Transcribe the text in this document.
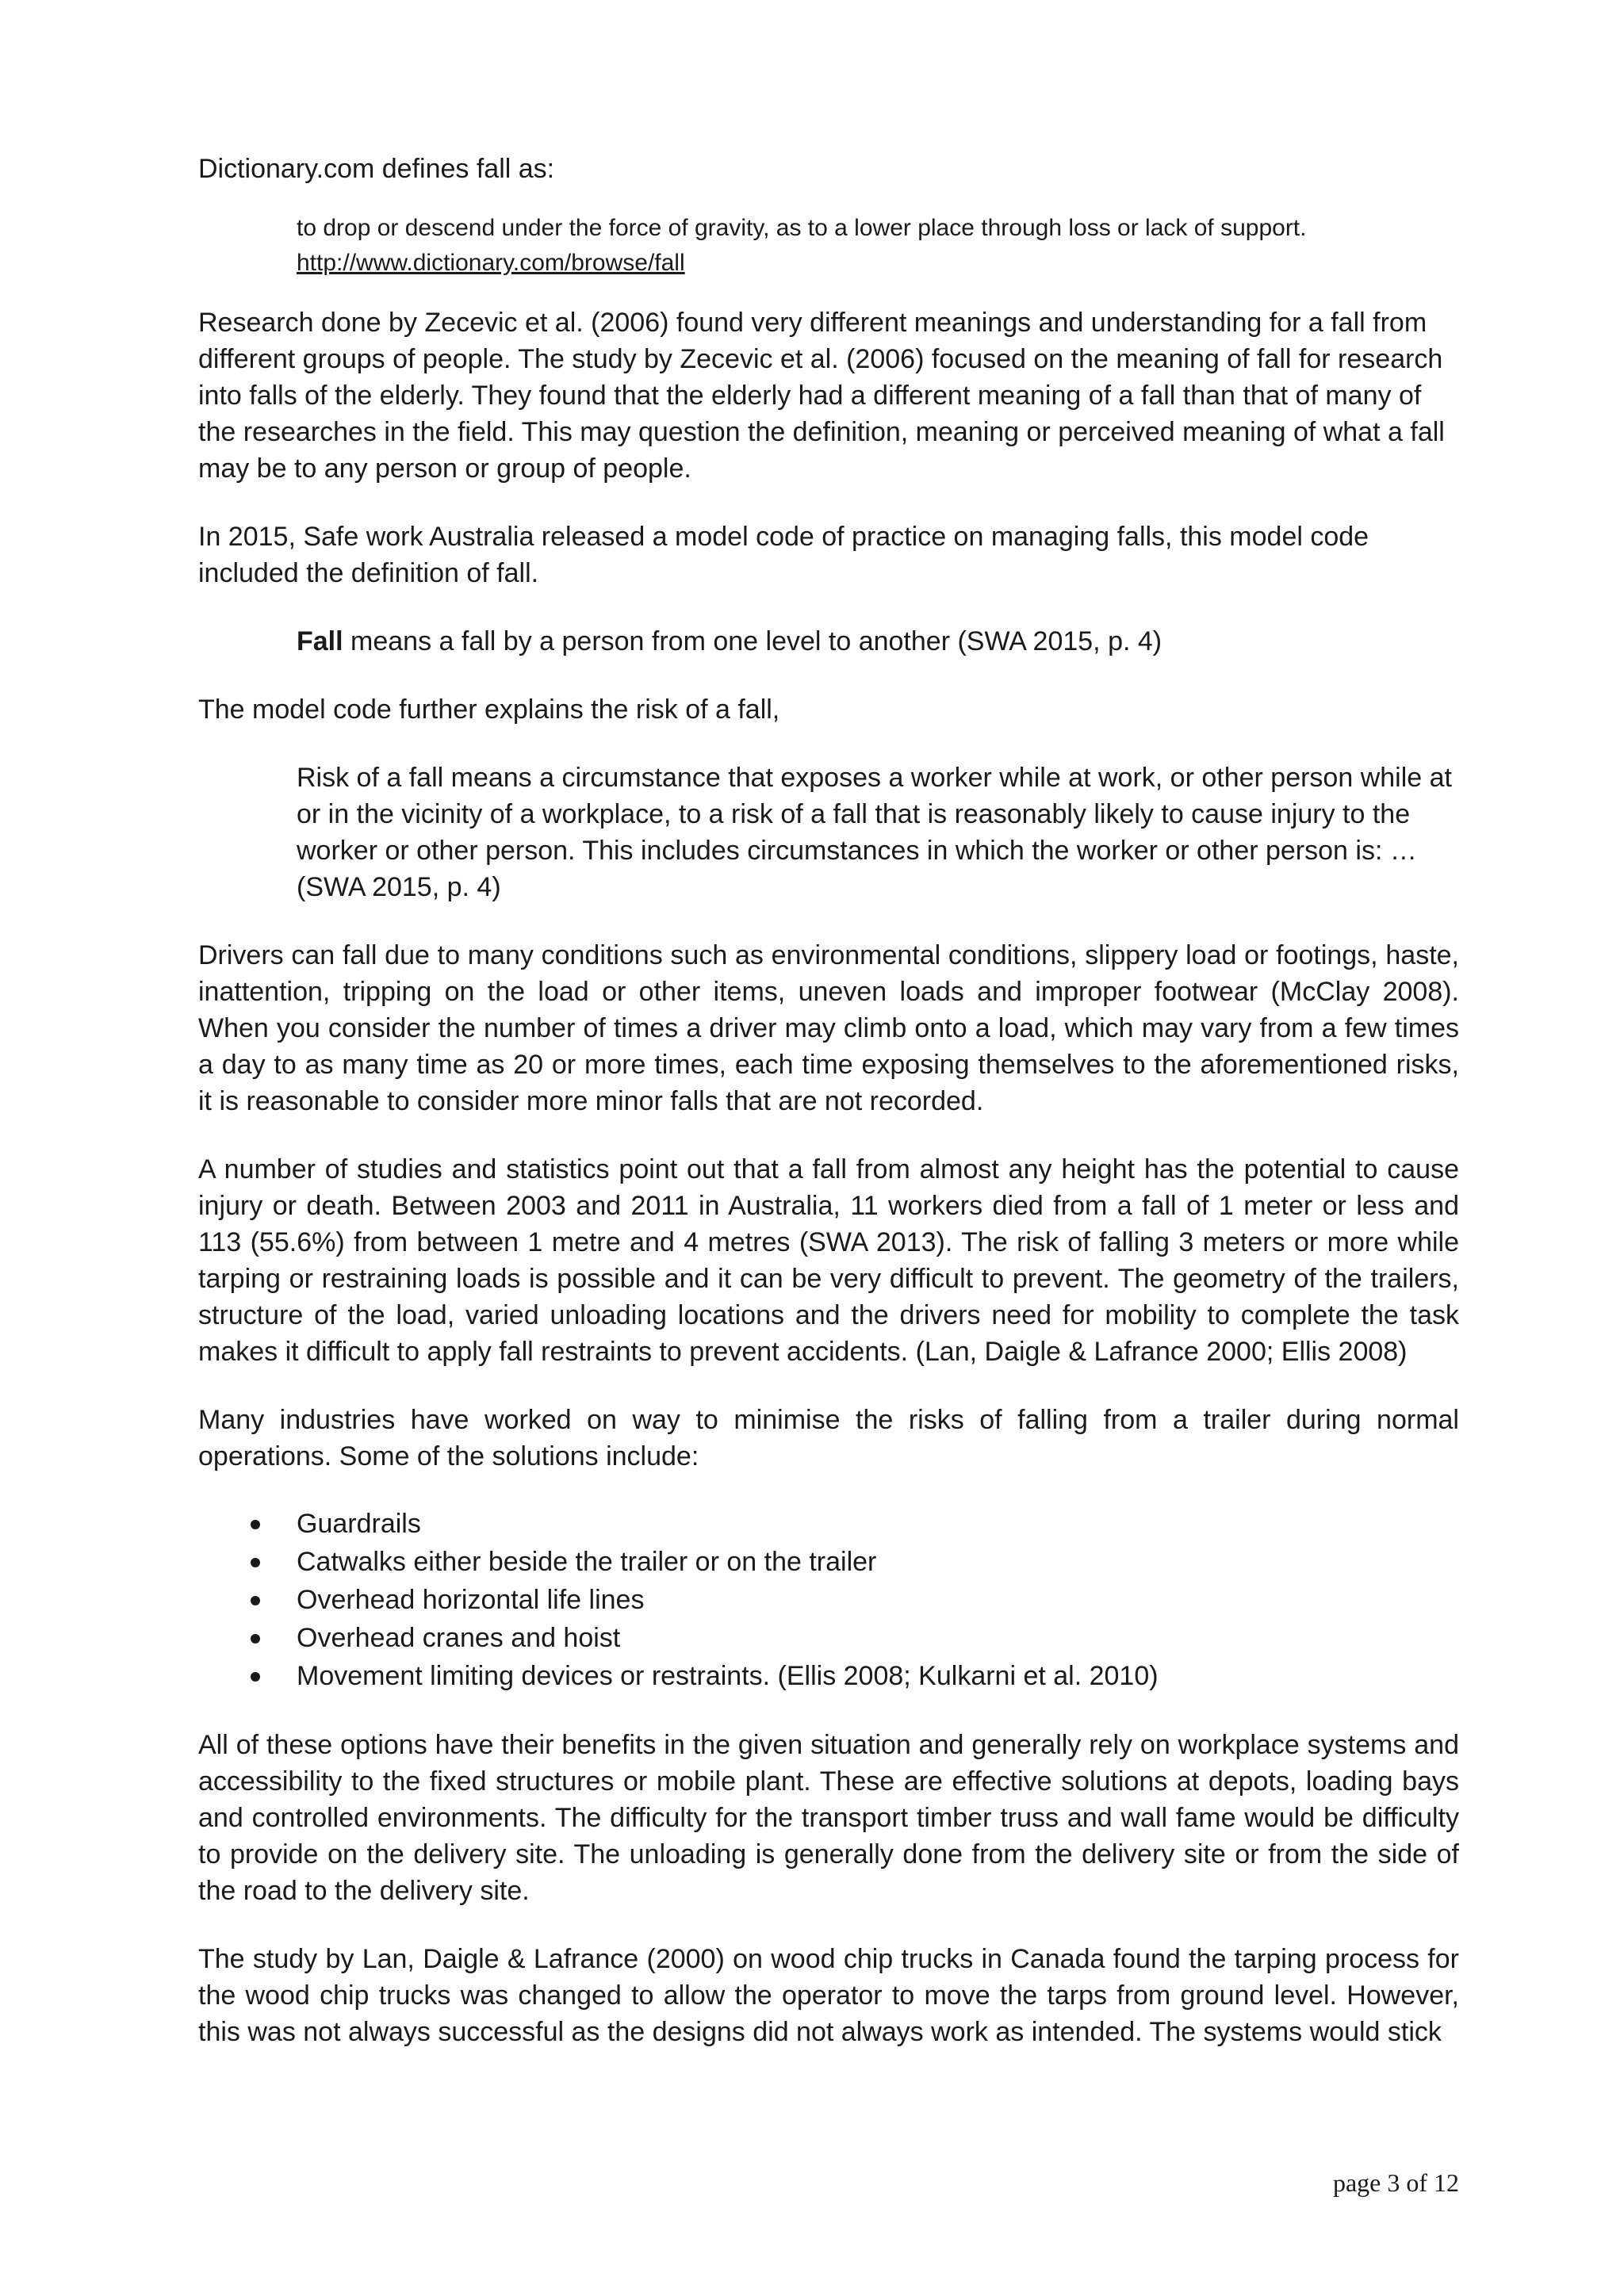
Dictionary.com defines fall as:

to drop or descend under the force of gravity, as to a lower place through loss or lack of support.

http://www.dictionary.com/browse/fall

Research done by Zecevic et al. (2006) found very different meanings and understanding for a fall from different groups of people. The study by Zecevic et al. (2006) focused on the meaning of fall for research into falls of the elderly. They found that the elderly had a different meaning of a fall than that of many of the researches in the field. This may question the definition, meaning or perceived meaning of what a fall may be to any person or group of people.

In 2015, Safe work Australia released a model code of practice on managing falls, this model code included the definition of fall.

Fall means a fall by a person from one level to another (SWA 2015, p. 4)

The model code further explains the risk of a fall,

Risk of a fall means a circumstance that exposes a worker while at work, or other person while at or in the vicinity of a workplace, to a risk of a fall that is reasonably likely to cause injury to the worker or other person. This includes circumstances in which the worker or other person is: … (SWA 2015, p. 4)

Drivers can fall due to many conditions such as environmental conditions, slippery load or footings, haste, inattention, tripping on the load or other items, uneven loads and improper footwear (McClay 2008). When you consider the number of times a driver may climb onto a load, which may vary from a few times a day to as many time as 20 or more times, each time exposing themselves to the aforementioned risks, it is reasonable to consider more minor falls that are not recorded.

A number of studies and statistics point out that a fall from almost any height has the potential to cause injury or death. Between 2003 and 2011 in Australia, 11 workers died from a fall of 1 meter or less and 113 (55.6%) from between 1 metre and 4 metres (SWA 2013). The risk of falling 3 meters or more while tarping or restraining loads is possible and it can be very difficult to prevent. The geometry of the trailers, structure of the load, varied unloading locations and the drivers need for mobility to complete the task makes it difficult to apply fall restraints to prevent accidents. (Lan, Daigle & Lafrance 2000; Ellis 2008)

Many industries have worked on way to minimise the risks of falling from a trailer during normal operations. Some of the solutions include:

Guardrails
Catwalks either beside the trailer or on the trailer
Overhead horizontal life lines
Overhead cranes and hoist
Movement limiting devices or restraints. (Ellis 2008; Kulkarni et al. 2010)

All of these options have their benefits in the given situation and generally rely on workplace systems and accessibility to the fixed structures or mobile plant. These are effective solutions at depots, loading bays and controlled environments. The difficulty for the transport timber truss and wall fame would be difficulty to provide on the delivery site. The unloading is generally done from the delivery site or from the side of the road to the delivery site.

The study by Lan, Daigle & Lafrance (2000) on wood chip trucks in Canada found the tarping process for the wood chip trucks was changed to allow the operator to move the tarps from ground level. However, this was not always successful as the designs did not always work as intended. The systems would stick

page 3 of 12
